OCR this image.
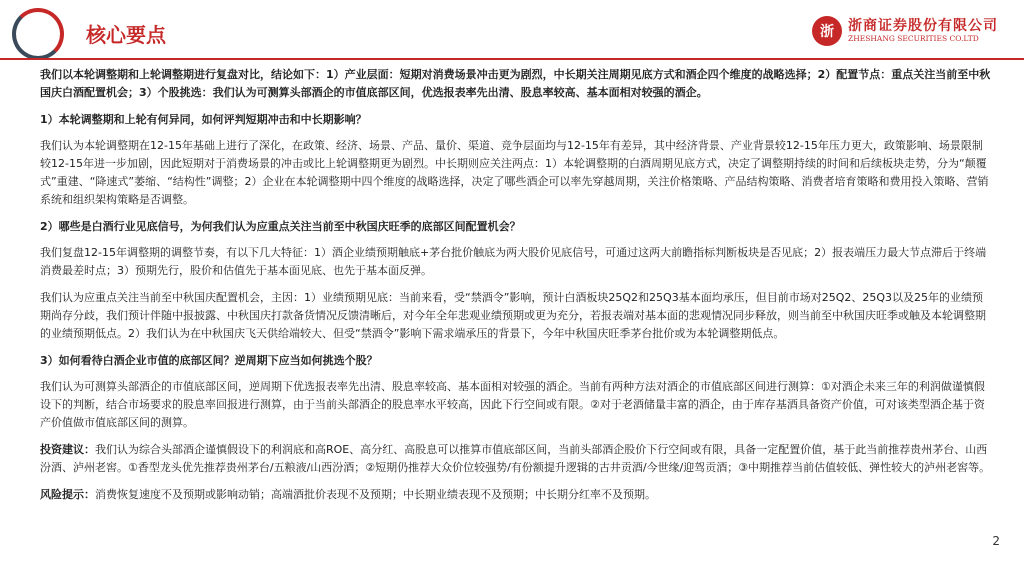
核心要点	浙	浙商证券股份有限公司
ZHESHANG SECURITIES CO.LTD

我们以本轮调整期和上轮调整期进行复盘对比，结论如下：1）产业层面：短期对消费场景冲击更为剧烈，中长期关注周期见底方式和酒企四个维度的战略选择；2）配置节点：重点关注当前至中秋国庆白酒配置机会；3）个股挑选：我们认为可测算头部酒企的市值底部区间，优选报表率先出清、股息率较高、基本面相对较强的酒企。

1）本轮调整期和上轮有何异同，如何评判短期冲击和中长期影响？

我们认为本轮调整期在12-15年基础上进行了深化，在政策、经济、场景、产品、量价、渠道、竞争层面均与12-15年有差异，其中经济背景、产业背景较12-15年压力更大，政策影响、场景限制较12-15年进一步加剧，因此短期对于消费场景的冲击或比上轮调整期更为剧烈。中长期则应关注两点：1）本轮调整期的白酒周期见底方式，决定了调整期持续的时间和后续板块走势，分为“颠覆式”重建、“降速式”萎缩、“结构性”调整；2）企业在本轮调整期中四个维度的战略选择，决定了哪些酒企可以率先穿越周期，关注价格策略、产品结构策略、消费者培育策略和费用投入策略、营销系统和组织架构策略是否调整。

2）哪些是白酒行业见底信号，为何我们认为应重点关注当前至中秋国庆旺季的底部区间配置机会？

我们复盘12-15年调整期的调整节奏，有以下几大特征：1）酒企业绩预期触底+茅台批价触底为两大股价见底信号，可通过这两大前瞻指标判断板块是否见底；2）报表端压力最大节点滞后于终端消费最差时点；3）预期先行，股价和估值先于基本面见底、也先于基本面反弹。

我们认为应重点关注当前至中秋国庆配置机会，主因：1）业绩预期见底：当前来看，受“禁酒令”影响，预计白酒板块25Q2和25Q3基本面均承压，但目前市场对25Q2、25Q3以及25年的业绩预期尚存分歧，我们预计伴随中报披露、中秋国庆打款备货情况反馈清晰后，对今年全年悲观业绩预期或更为充分，若报表端对基本面的悲观情况同步释放，则当前至中秋国庆旺季或触及本轮调整期的业绩预期低点。2）我们认为在中秋国庆飞天供给端较大、但受“禁酒令”影响下需求端承压的背景下，今年中秋国庆旺季茅台批价或为本轮调整期低点。

3）如何看待白酒企业市值的底部区间？逆周期下应当如何挑选个股？

我们认为可测算头部酒企的市值底部区间，逆周期下优选报表率先出清、股息率较高、基本面相对较强的酒企。当前有两种方法对酒企的市值底部区间进行测算：①对酒企未来三年的利润做谨慎假设下的判断，结合市场要求的股息率回报进行测算，由于当前头部酒企的股息率水平较高，因此下行空间或有限。②对于老酒储量丰富的酒企，由于库存基酒具备资产价值，可对该类型酒企基于资产价值做市值底部区间的测算。

投资建议：我们认为综合头部酒企谨慎假设下的利润底和高ROE、高分红、高股息可以推算市值底部区间，当前头部酒企股价下行空间或有限，具备一定配置价值，基于此当前推荐贵州茅台、山西汾酒、泸州老窖。①香型龙头优先推荐贵州茅台/五粮液/山西汾酒；②短期仍推荐大众价位较强势/有份额提升逻辑的古井贡酒/今世缘/迎驾贡酒；③中期推荐当前估值较低、弹性较大的泸州老窖等。

风险提示：消费恢复速度不及预期或影响动销；高端酒批价表现不及预期；中长期业绩表现不及预期；中长期分红率不及预期。

2
